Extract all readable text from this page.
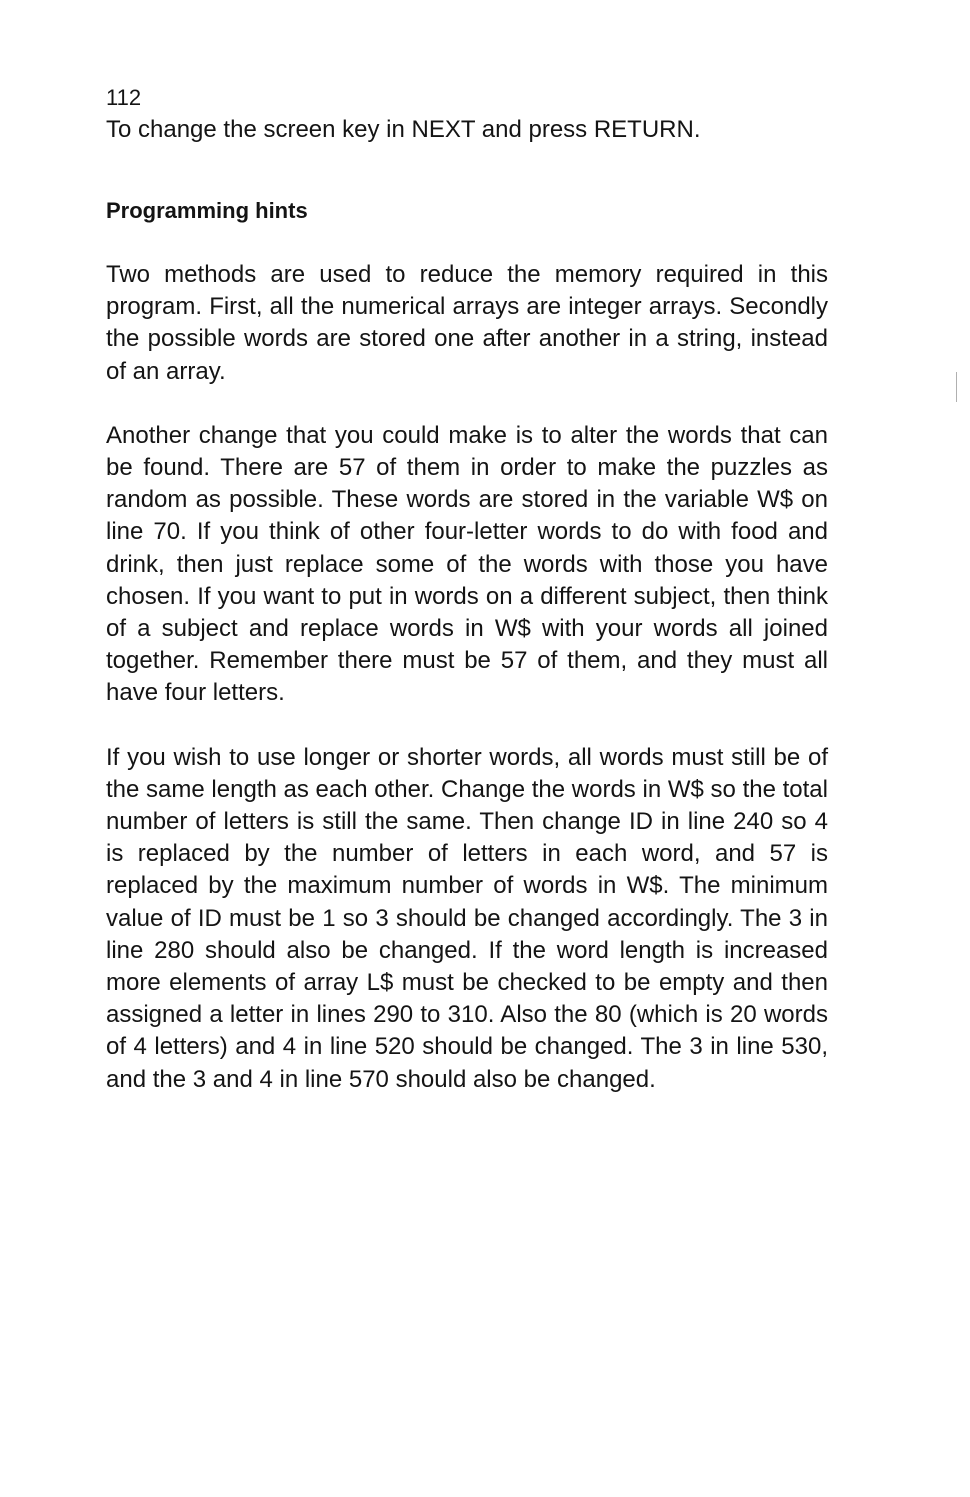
112

To change the screen key in NEXT and press RETURN.

Programming hints

Two methods are used to reduce the memory required in this program. First, all the numerical arrays are integer arrays. Secondly the possible words are stored one after another in a string, instead of an array.

Another change that you could make is to alter the words that can be found. There are 57 of them in order to make the puzzles as random as possible. These words are stored in the variable W$ on line 70. If you think of other four-letter words to do with food and drink, then just replace some of the words with those you have chosen. If you want to put in words on a different subject, then think of a subject and replace words in W$ with your words all joined together. Remember there must be 57 of them, and they must all have four letters.

If you wish to use longer or shorter words, all words must still be of the same length as each other. Change the words in W$ so the total number of letters is still the same. Then change ID in line 240 so 4 is replaced by the number of letters in each word, and 57 is replaced by the maximum number of words in W$. The minimum value of ID must be 1 so 3 should be changed accordingly. The 3 in line 280 should also be changed. If the word length is increased more elements of array L$ must be checked to be empty and then assigned a letter in lines 290 to 310. Also the 80 (which is 20 words of 4 letters) and 4 in line 520 should be changed. The 3 in line 530, and the 3 and 4 in line 570 should also be changed.
